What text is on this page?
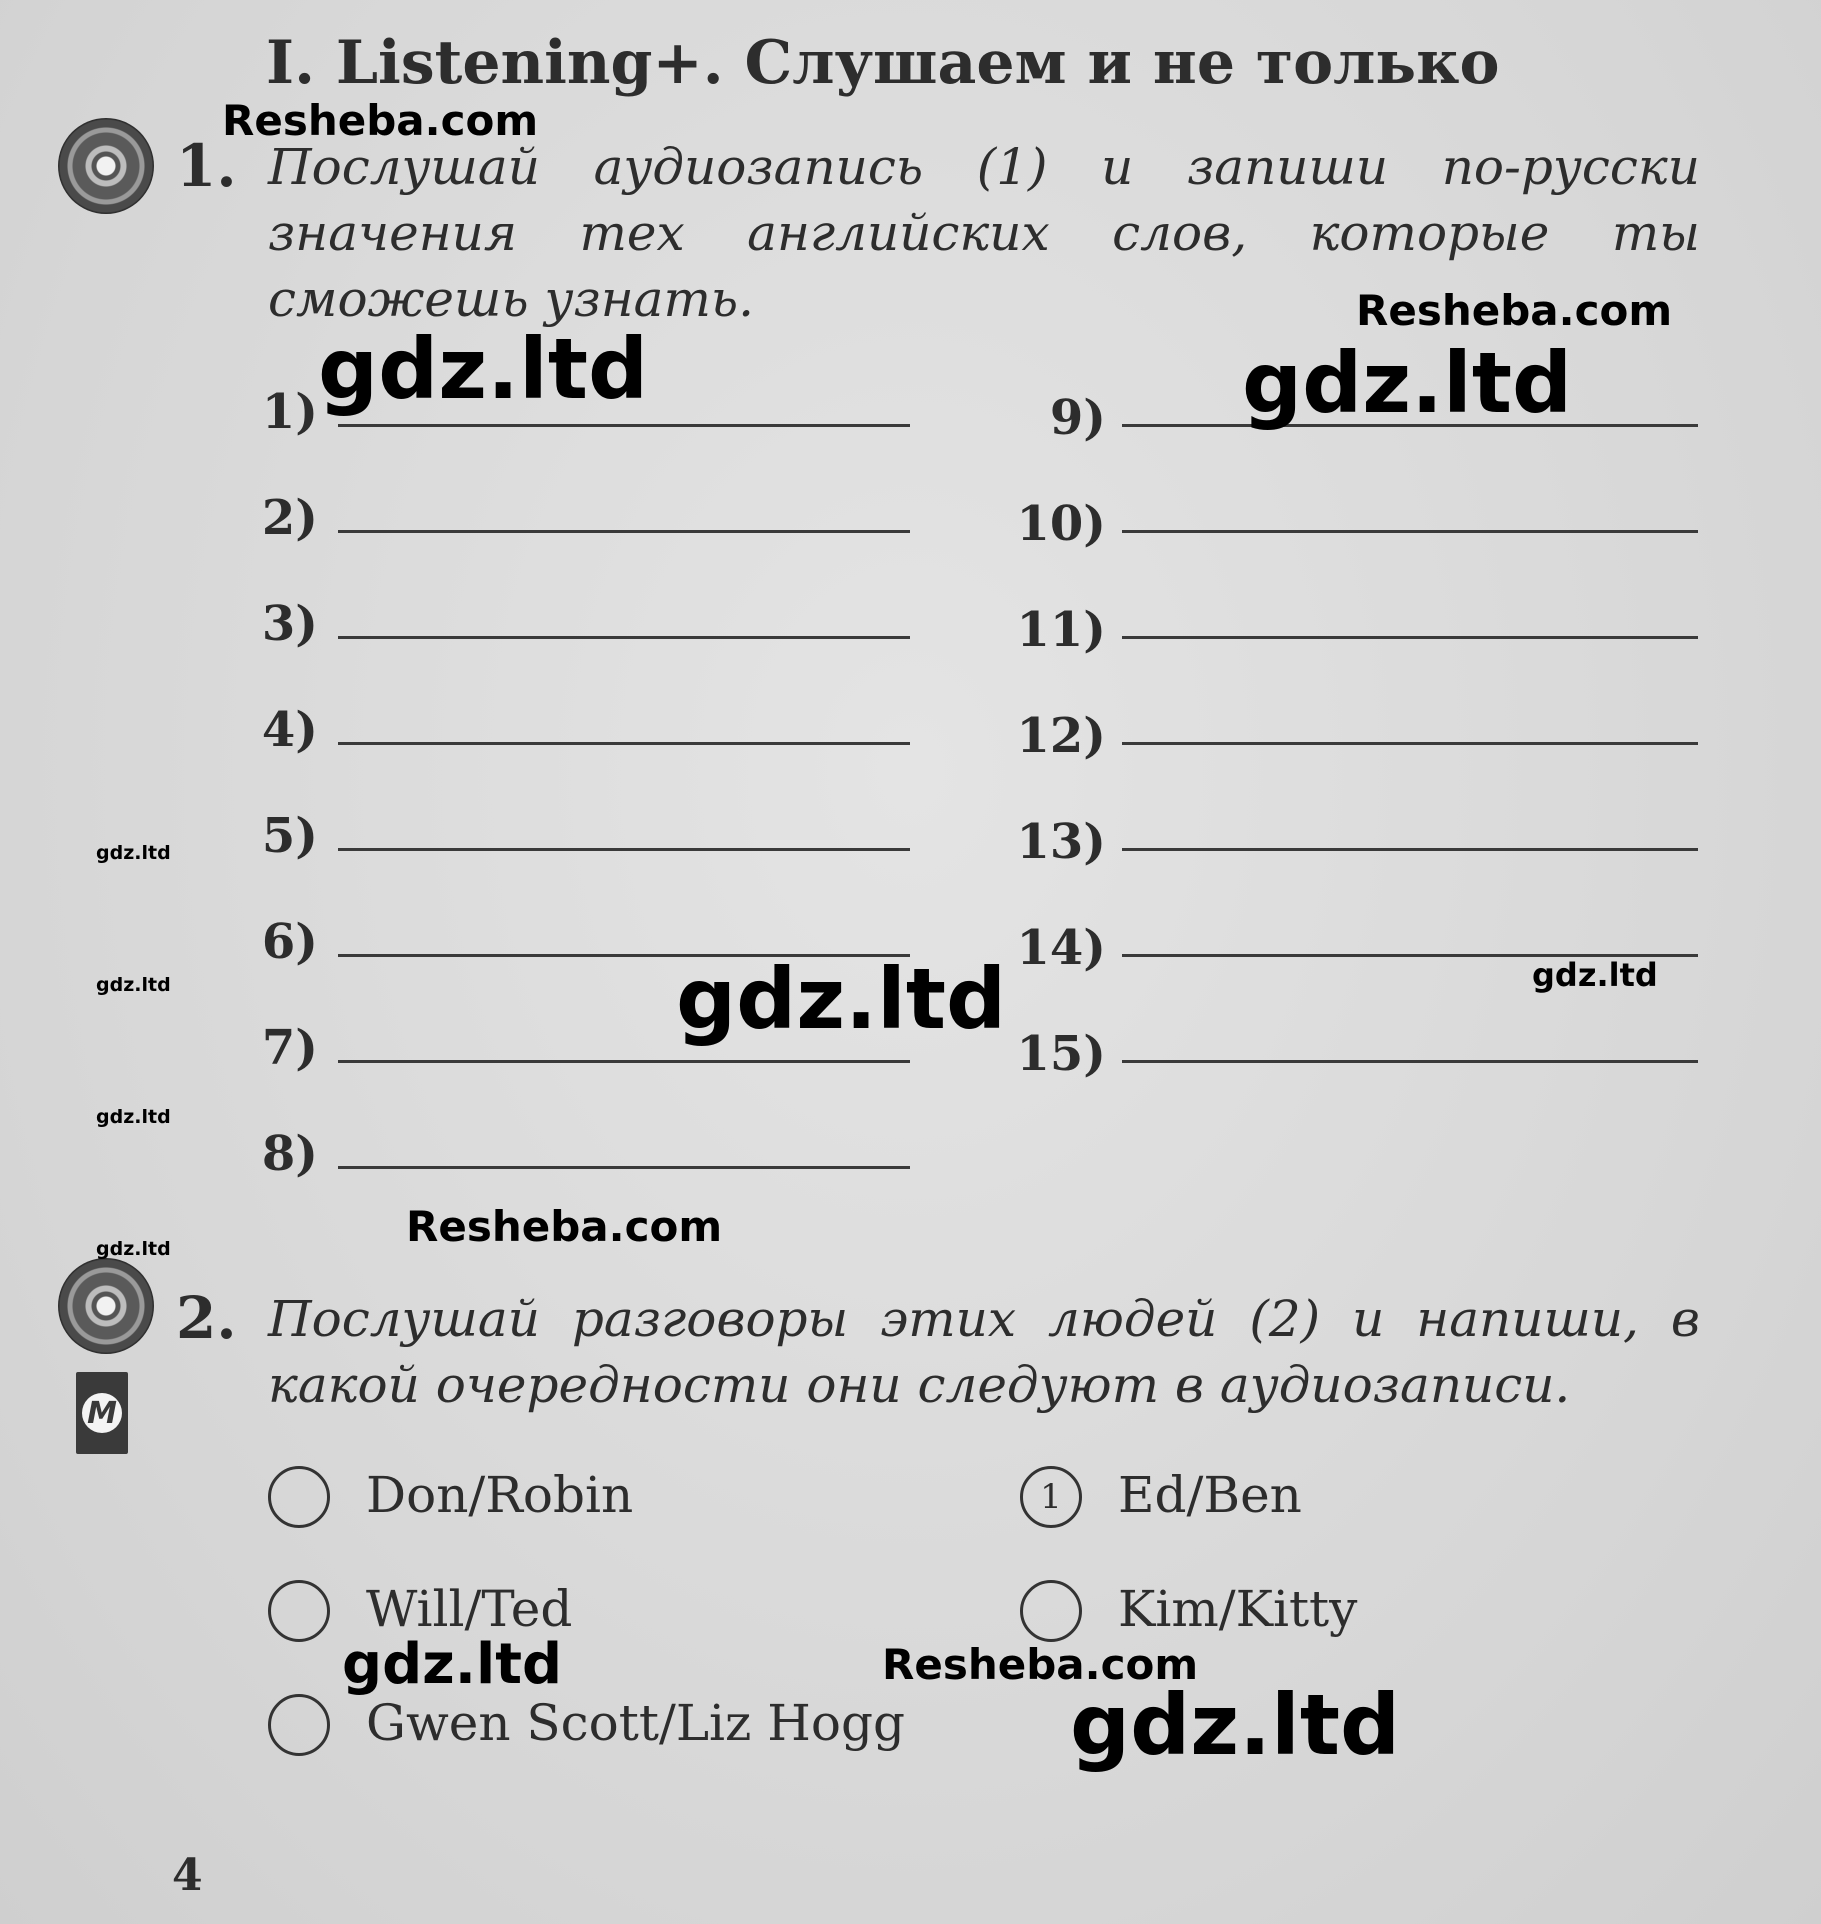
I. Listening+. Слушаем и не только
1. Послушай аудиозапись (1) и запиши по-русски значения тех английских слов, которые ты сможешь узнать.
1)
2)
3)
4)
5)
6)
7)
8)
9)
10)
11)
12)
13)
14)
15)
2.
M
Послушай разговоры этих людей (2) и напиши, в какой очередности они следуют в аудиозаписи.
Don/Robin	1	Ed/Ben
Will/Ted	Kim/Kitty
Gwen Scott/Liz Hogg
4
Resheba.com
Resheba.com
Resheba.com
Resheba.com
gdz.ltd	gdz.ltd
gdz.ltd	gdz.ltd
gdz.ltd
gdz.ltd
gdz.ltd
gdz.ltd
gdz.ltd
gdz.ltd
